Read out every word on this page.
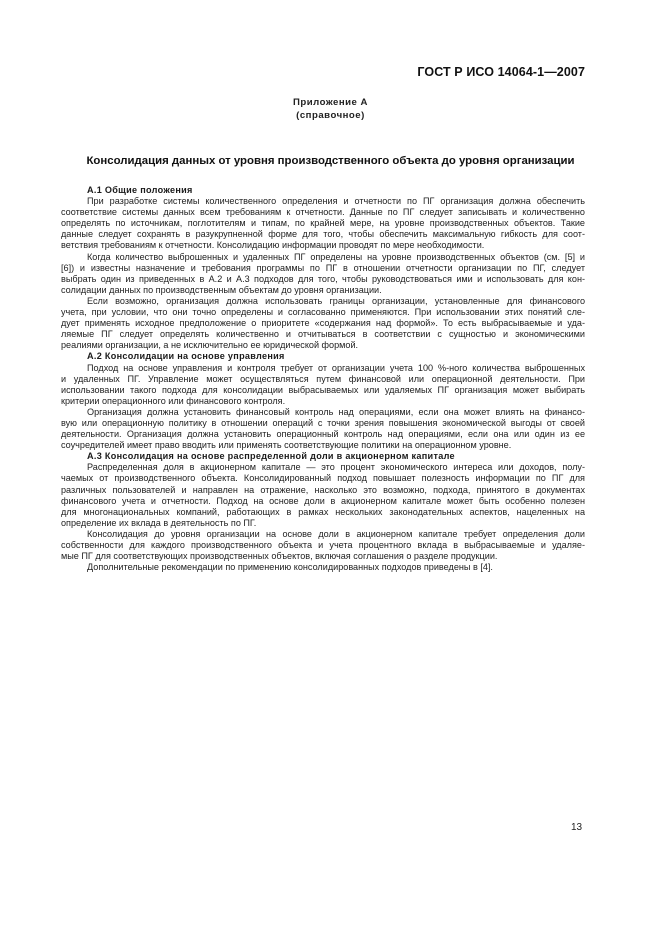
ГОСТ Р ИСО 14064-1—2007
Приложение А
(справочное)
Консолидация данных от уровня производственного объекта до уровня организации
А.1 Общие положения
При разработке системы количественного определения и отчетности по ПГ организация должна обеспечить
соответствие системы данных всем требованиям к отчетности. Данные по ПГ следует записывать и количественно
определять по источникам, поглотителям и типам, по крайней мере, на уровне производственных объектов. Такие
данные следует сохранять в разукрупненной форме для того, чтобы обеспечить максимальную гибкость для соот-
ветствия требованиям к отчетности. Консолидацию информации проводят по мере необходимости.
Когда количество выброшенных и удаленных ПГ определены на уровне производственных объектов (см. [5] и
[6]) и известны назначение и требования программы по ПГ в отношении отчетности организации по ПГ, следует
выбрать один из приведенных в А.2 и А.3 подходов для того, чтобы руководствоваться ими и использовать для кон-
солидации данных по производственным объектам до уровня организации.
Если возможно, организация должна использовать границы организации, установленные для финансового
учета, при условии, что они точно определены и согласованно применяются. При использовании этих понятий сле-
дует применять исходное предположение о приоритете «содержания над формой». То есть выбрасываемые и уда-
ляемые ПГ следует определять количественно и отчитываться в соответствии с сущностью и экономическими
реалиями организации, а не исключительно ее юридической формой.
А.2 Консолидации на основе управления
Подход на основе управления и контроля требует от организации учета 100 %-ного количества выброшенных
и удаленных ПГ. Управление может осуществляться путем финансовой или операционной деятельности. При
использовании такого подхода для консолидации выбрасываемых или удаляемых ПГ организация может выбирать
критерии операционного или финансового контроля.
Организация должна установить финансовый контроль над операциями, если она может влиять на финансо-
вую или операционную политику в отношении операций с точки зрения повышения экономической выгоды от своей
деятельности. Организация должна установить операционный контроль над операциями, если она или один из ее
соучредителей имеет право вводить или применять соответствующие политики на операционном уровне.
А.3 Консолидация на основе распределенной доли в акционерном капитале
Распределенная доля в акционерном капитале — это процент экономического интереса или доходов, полу-
чаемых от производственного объекта. Консолидированный подход повышает полезность информации по ПГ для
различных пользователей и направлен на отражение, насколько это возможно, подхода, принятого в документах
финансового учета и отчетности. Подход на основе доли в акционерном капитале может быть особенно полезен
для многонациональных компаний, работающих в рамках нескольких законодательных аспектов, нацеленных на
определение их вклада в деятельность по ПГ.
Консолидация до уровня организации на основе доли в акционерном капитале требует определения доли
собственности для каждого производственного объекта и учета процентного вклада в выбрасываемые и удаляе-
мые ПГ для соответствующих производственных объектов, включая соглашения о разделе продукции.
Дополнительные рекомендации по применению консолидированных подходов приведены в [4].
13
